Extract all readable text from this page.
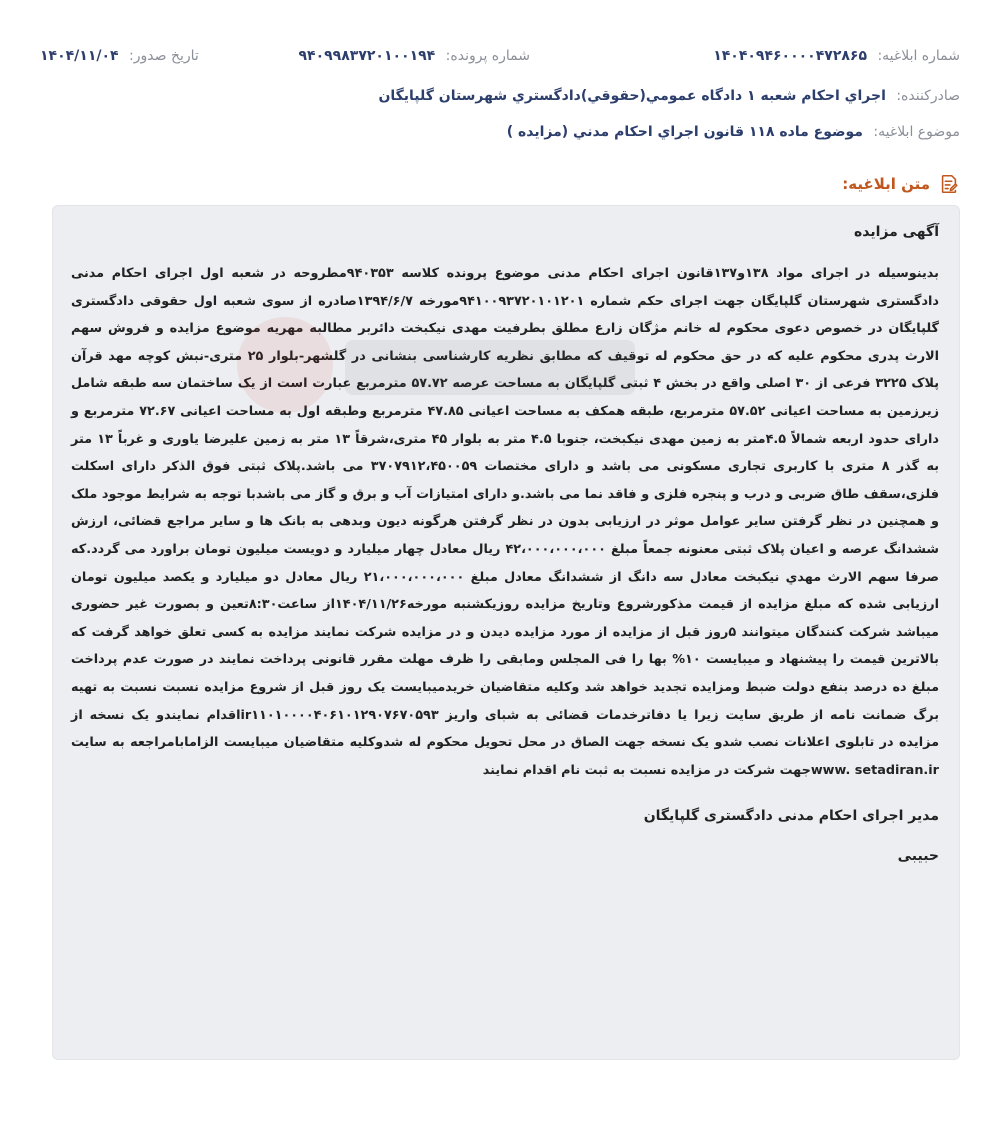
شماره ابلاغیه: ۱۴۰۴۰۹۴۶۰۰۰۰۴۷۲۸۶۵
شماره پرونده: ۹۴۰۹۹۸۳۷۲۰۱۰۰۱۹۴
تاریخ صدور: ۱۴۰۴/۱۱/۰۴
صادرکننده: اجراي احکام شعبه ۱ دادگاه عمومي(حقوقي)دادگستري شهرستان گلپايگان
موضوع ابلاغیه: موضوع ماده ۱۱۸ قانون اجراي احکام مدني (مزايده )
متن ابلاغیه:
آگهی مزایده
بدینوسیله در اجرای مواد ۱۳۸و۱۳۷قانون اجرای احکام مدنی موضوع پرونده کلاسه ۹۴۰۳۵۳مطروحه در شعبه اول اجرای احکام مدنی دادگستری شهرستان گلپایگان جهت اجرای حکم شماره ۹۴۱۰۰۹۳۷۲۰۱۰۱۲۰۱مورخه ۱۳۹۴/۶/۷صادره از سوی شعبه اول حقوقی دادگستری گلپایگان در خصوص دعوی محکوم له خانم مژگان زارع مطلق بطرفیت مهدی نیکبخت دائربر مطالبه مهریه موضوع مزایده و فروش سهم الارث پدری محکوم علیه که در حق محکوم له توقیف که مطابق نظریه کارشناسی بنشانی در گلشهر-بلوار ۲۵ متری-نبش کوچه مهد قرآن پلاک ۳۲۲۵ فرعی از ۳۰ اصلی واقع در بخش ۴ ثبتی گلپایگان به مساحت عرصه ۵۷.۷۲ مترمربع عبارت است از یک ساختمان سه طبقه شامل زیرزمین به مساحت اعیانی ۵۷.۵۲ مترمربع، طبقه همکف به مساحت اعیانی ۴۷.۸۵ مترمربع وطبقه اول به مساحت اعیانی ۷۲.۶۷ مترمربع و دارای حدود اربعه شمالاً ۴.۵متر به زمین مهدی نیکبخت، جنوبا ۴.۵ متر به بلوار ۴۵ متری،شرقاً ۱۳ متر به زمین علیرضا یاوری و غرباً ۱۳ متر به گذر ۸ متری با کاربری تجاری مسکونی می باشد و دارای مختصات ۳۷۰۷۹۱۲،۴۵۰۰۵۹ می باشد.پلاک ثبتی فوق الذکر دارای اسکلت فلزی،سقف طاق ضربی و درب و پنجره فلزی و فاقد نما می باشد.و دارای امتیازات آب و برق و گاز می باشدبا توجه به شرایط موجود ملک و همچنین در نظر گرفتن سایر عوامل موثر در ارزیابی بدون در نظر گرفتن هرگونه دیون وبدهی به بانک ها و سایر مراجع قضائی، ارزش ششدانگ عرصه و اعیان پلاک ثبتی معنونه جمعاً مبلغ ۴۲،۰۰۰،۰۰۰،۰۰۰ ریال معادل چهار میلیارد و دویست میلیون تومان براورد می گردد.که صرفا سهم الارث مهدي نيکبخت معادل سه دانگ از ششدانگ معادل مبلغ ۲۱،۰۰۰،۰۰۰،۰۰۰ ریال معادل دو میلیارد و یکصد میلیون تومان ارزیابی شده که مبلغ مزایده از قیمت مذکورشروع وتاریخ مزایده روزیکشنبه مورخه۱۴۰۴/۱۱/۲۶از ساعت۸:۳۰تعین و بصورت غیر حضوری میباشد شرکت کنندگان میتوانند ۵روز قبل از مزایده از مورد مزایده دیدن و در مزایده شرکت نمایند مزایده به کسی تعلق خواهد گرفت که بالاترین قیمت را پیشنهاد و میبایست ۱۰% بها را فی المجلس ومابقی را ظرف مهلت مقرر قانونی پرداخت نمایند در صورت عدم پرداخت مبلغ ده درصد بنفع دولت ضبط ومزایده تجدید خواهد شد وکلیه متقاضیان خریدمیبایست یک روز قبل از شروع مزایده نسبت نسبت به تهیه برگ ضمانت نامه از طریق سایت زیرا یا دفاترخدمات قضائی به شبای واریز ir۱۱۰۱۰۰۰۰۴۰۶۱۰۱۲۹۰۷۶۷۰۵۹۳اقدام نمایندو یک نسخه از مزایده در تابلوی اعلانات نصب شدو یک نسخه جهت الصاق در محل تحویل محکوم له شدوکلیه متقاضیان میبایست الزامابامراجعه به سایت www. setadiran.irجهت شرکت در مزایده نسبت به ثبت نام اقدام نمایند
مدیر اجرای احکام مدنی دادگستری گلپایگان
حبیبی
